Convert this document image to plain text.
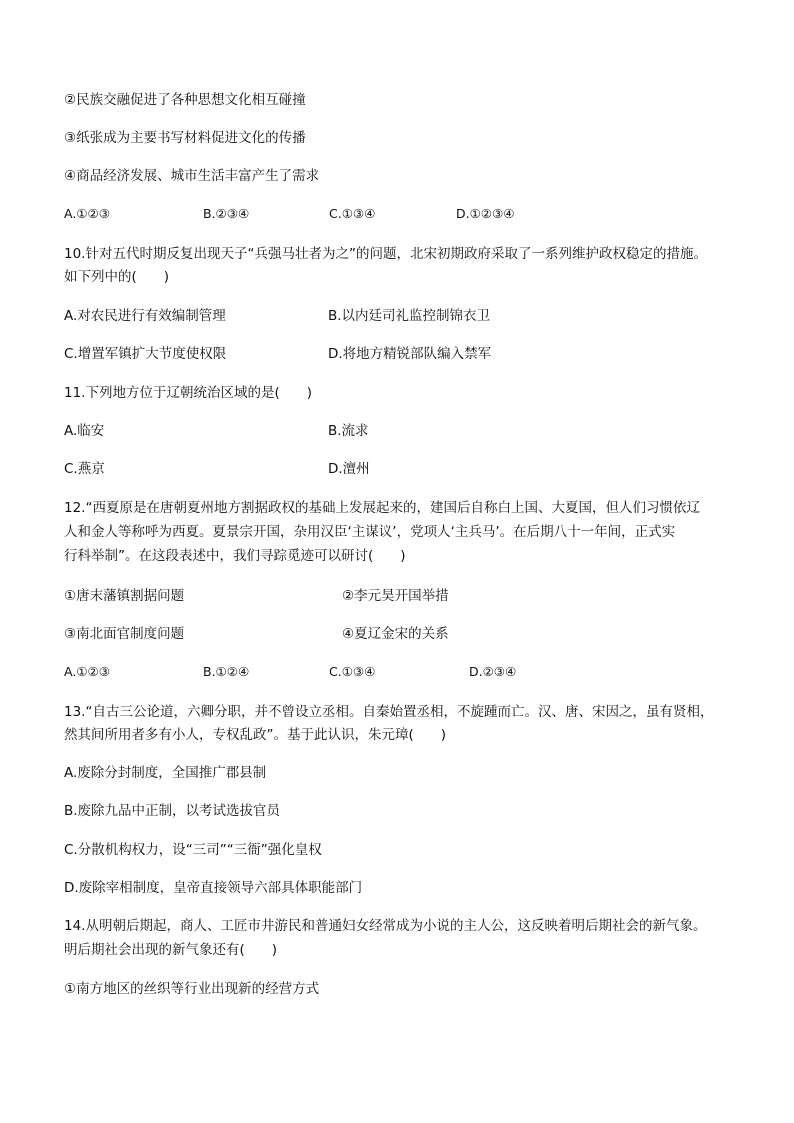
②民族交融促进了各种思想文化相互碰撞
③纸张成为主要书写材料促进文化的传播
④商品经济发展、城市生活丰富产生了需求
A.①②③	B.②③④	C.①③④	D.①②③④
10.针对五代时期反复出现天子“兵强马壮者为之”的问题，北宋初期政府采取了一系列维护政权稳定的措施。
如下列中的(　　)
A.对农民进行有效编制管理	B.以内廷司礼监控制锦衣卫
C.增置军镇扩大节度使权限	D.将地方精锐部队编入禁军
11.下列地方位于辽朝统治区域的是(　　)
A.临安	B.流求
C.燕京	D.澶州
12.“西夏原是在唐朝夏州地方割据政权的基础上发展起来的，建国后自称白上国、大夏国，但人们习惯依辽
人和金人等称呼为西夏。夏景宗开国，杂用汉臣‘主谋议’，党项人‘主兵马’。在后期八十一年间，正式实
行科举制”。在这段表述中，我们寻踪觅迹可以研讨(　　)
①唐末藩镇割据问题	②李元昊开国举措
③南北面官制度问题	④夏辽金宋的关系
A.①②③	B.①②④	C.①③④	D.②③④
13.“自古三公论道，六卿分职，并不曾设立丞相。自秦始置丞相，不旋踵而亡。汉、唐、宋因之，虽有贤相，
然其间所用者多有小人，专权乱政”。基于此认识，朱元璋(　　)
A.废除分封制度，全国推广郡县制
B.废除九品中正制，以考试选拔官员
C.分散机构权力，设“三司”“三衙”强化皇权
D.废除宰相制度，皇帝直接领导六部具体职能部门
14.从明朝后期起，商人、工匠市井游民和普通妇女经常成为小说的主人公，这反映着明后期社会的新气象。
明后期社会出现的新气象还有(　　)
①南方地区的丝织等行业出现新的经营方式
